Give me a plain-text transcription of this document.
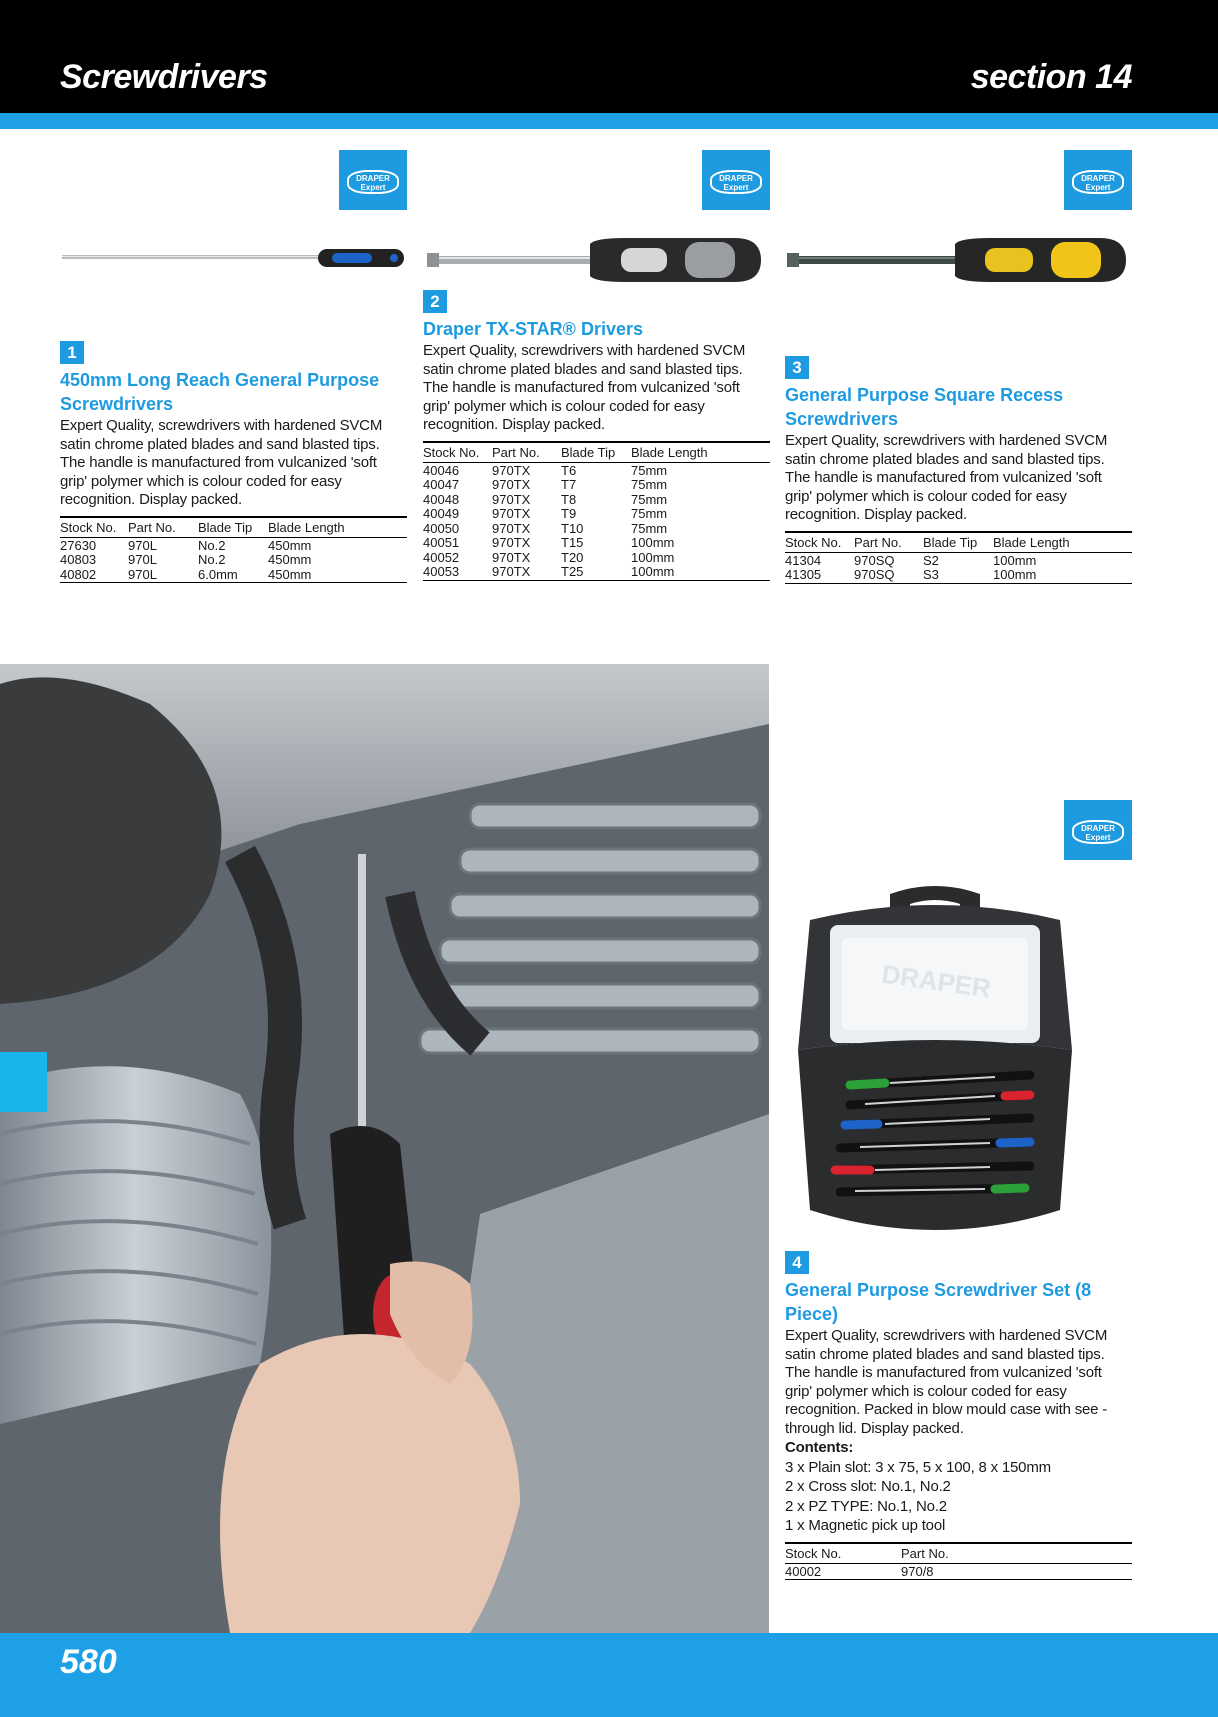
Screwdrivers	section 14
DRAPER
Expert
DRAPER
Expert
DRAPER
Expert
DRAPER
Expert
1
450mm Long Reach General Purpose Screwdrivers
Expert Quality, screwdrivers with hardened SVCM satin chrome plated blades and sand blasted tips. The handle is manufactured from vulcanized 'soft grip' polymer which is colour coded for easy recognition. Display packed.
Stock No.	Part No.	Blade Tip	Blade Length
27630	970L	No.2	450mm
40803	970L	No.2	450mm
40802	970L	6.0mm	450mm
2
Draper TX-STAR® Drivers
Expert Quality, screwdrivers with hardened SVCM satin chrome plated blades and sand blasted tips. The handle is manufactured from vulcanized 'soft grip' polymer which is colour coded for easy recognition. Display packed.
Stock No.	Part No.	Blade Tip	Blade Length
40046	970TX	T6	75mm
40047	970TX	T7	75mm
40048	970TX	T8	75mm
40049	970TX	T9	75mm
40050	970TX	T10	75mm
40051	970TX	T15	100mm
40052	970TX	T20	100mm
40053	970TX	T25	100mm
3
General Purpose Square Recess Screwdrivers
Expert Quality, screwdrivers with hardened SVCM satin chrome plated blades and sand blasted tips. The handle is manufactured from vulcanized 'soft grip' polymer which is colour coded for easy recognition. Display packed.
Stock No.	Part No.	Blade Tip	Blade Length
41304	970SQ	S2	100mm
41305	970SQ	S3	100mm
DRAPER
4
General Purpose Screwdriver Set (8 Piece)
Expert Quality, screwdrivers with hardened SVCM satin chrome plated blades and sand blasted tips. The handle is manufactured from vulcanized 'soft grip' polymer which is colour coded for easy recognition. Packed in blow mould case with see - through lid. Display packed.
Contents:
3 x Plain slot: 3 x 75, 5 x 100, 8 x 150mm
2 x Cross slot: No.1, No.2
2 x PZ TYPE: No.1, No.2
1 x Magnetic pick up tool
Stock No.	Part No.
40002	970/8
580
